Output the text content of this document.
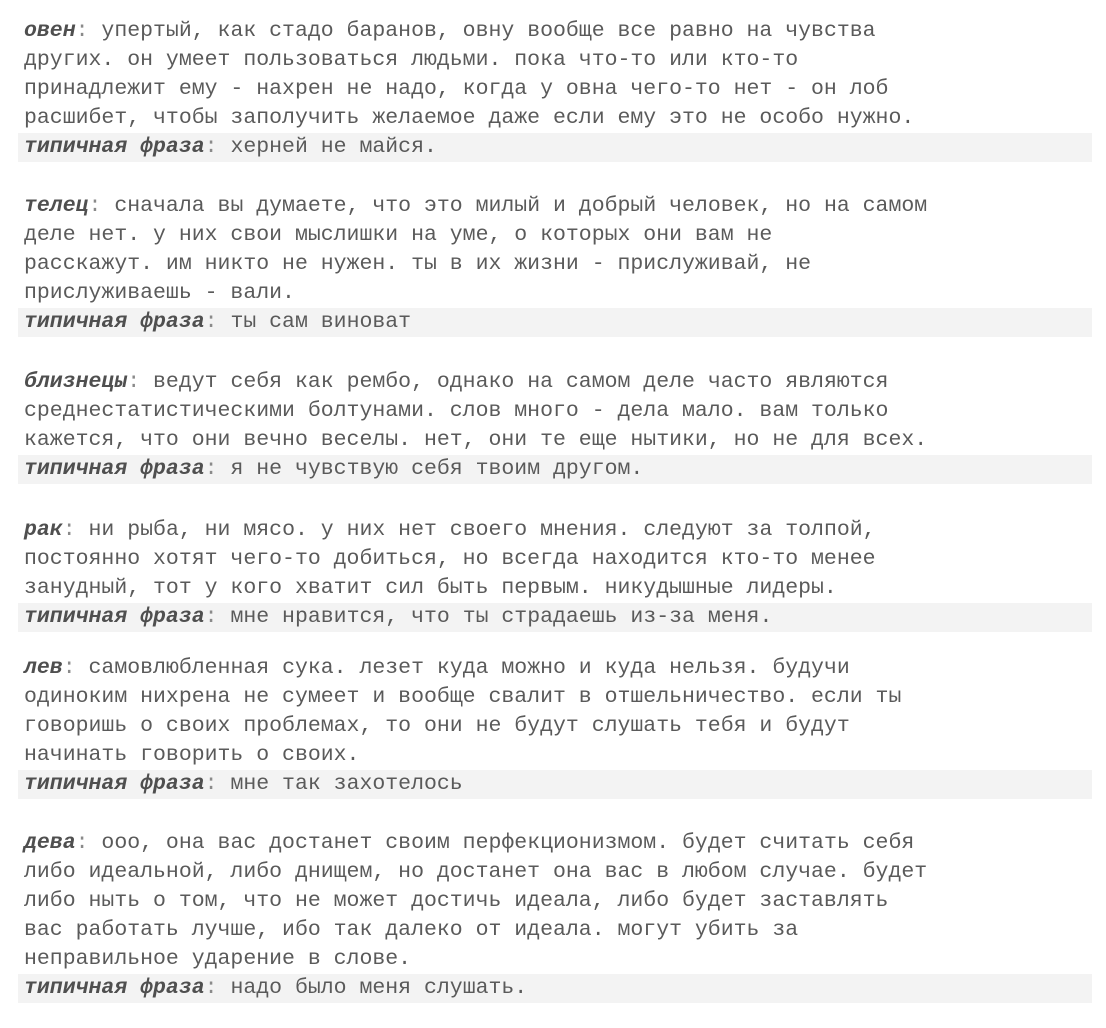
овен: упертый, как стадо баранов, овну вообще все равно на чувства
других. он умеет пользоваться людьми. пока что-то или кто-то
принадлежит ему - нахрен не надо, когда у овна чего-то нет - он лоб
расшибет, чтобы заполучить желаемое даже если ему это не особо нужно.
типичная фраза: херней не майся.
телец: сначала вы думаете, что это милый и добрый человек, но на самом
деле нет. у них свои мыслишки на уме, о которых они вам не
расскажут. им никто не нужен. ты в их жизни - прислуживай, не
прислуживаешь - вали.
типичная фраза: ты сам виноват
близнецы: ведут себя как рембо, однако на самом деле часто являются
среднестатистическими болтунами. слов много - дела мало. вам только
кажется, что они вечно веселы. нет, они те еще нытики, но не для всех.
типичная фраза: я не чувствую себя твоим другом.
рак: ни рыба, ни мясо. у них нет своего мнения. следуют за толпой,
постоянно хотят чего-то добиться, но всегда находится кто-то менее
занудный, тот у кого хватит сил быть первым. никудышные лидеры.
типичная фраза: мне нравится, что ты страдаешь из-за меня.
лев: самовлюбленная сука. лезет куда можно и куда нельзя. будучи
одиноким нихрена не сумеет и вообще свалит в отшельничество. если ты
говоришь о своих проблемах, то они не будут слушать тебя и будут
начинать говорить о своих.
типичная фраза: мне так захотелось
дева: ооо, она вас достанет своим перфекционизмом. будет считать себя
либо идеальной, либо днищем, но достанет она вас в любом случае. будет
либо ныть о том, что не может достичь идеала, либо будет заставлять
вас работать лучше, ибо так далеко от идеала. могут убить за
неправильное ударение в слове.
типичная фраза: надо было меня слушать.
